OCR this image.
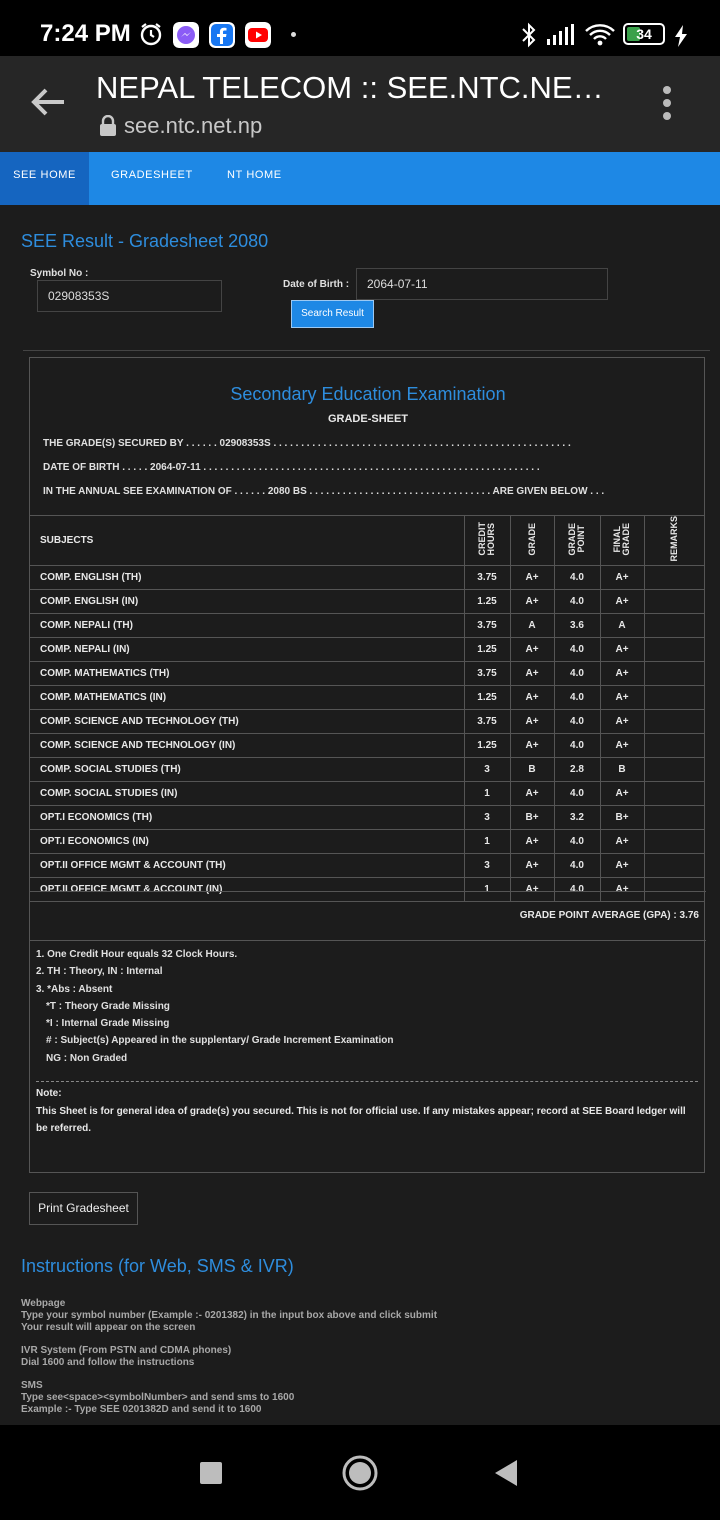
7:24 PM	34
NEPAL TELECOM :: SEE.NTC.NE…
see.ntc.net.np
SEE HOME	GRADESHEET	NT HOME
SEE Result - Gradesheet 2080
Symbol No :
02908353S
Date of Birth :	2064-07-11
Search Result
Secondary Education Examination
GRADE-SHEET
THE GRADE(S) SECURED BY . . . . . . 02908353S . . . . . . . . . . . . . . . . . . . . . . . . . . . . . . . . . . . . . . . . . . . . . . . . . . . . . .
DATE OF BIRTH . . . . . 2064-07-11 . . . . . . . . . . . . . . . . . . . . . . . . . . . . . . . . . . . . . . . . . . . . . . . . . . . . . . . . . . . . .
IN THE ANNUAL SEE EXAMINATION OF . . . . . . 2080 BS . . . . . . . . . . . . . . . . . . . . . . . . . . . . . . . . . ARE GIVEN BELOW . . .
SUBJECTS	CREDIT HOURS	GRADE	GRADE POINT	FINAL GRADE	REMARKS
COMP. ENGLISH (TH)	3.75	A+	4.0	A+	
COMP. ENGLISH (IN)	1.25	A+	4.0	A+	
COMP. NEPALI (TH)	3.75	A	3.6	A	
COMP. NEPALI (IN)	1.25	A+	4.0	A+	
COMP. MATHEMATICS (TH)	3.75	A+	4.0	A+	
COMP. MATHEMATICS (IN)	1.25	A+	4.0	A+	
COMP. SCIENCE AND TECHNOLOGY (TH)	3.75	A+	4.0	A+	
COMP. SCIENCE AND TECHNOLOGY (IN)	1.25	A+	4.0	A+	
COMP. SOCIAL STUDIES (TH)	3	B	2.8	B	
COMP. SOCIAL STUDIES (IN)	1	A+	4.0	A+	
OPT.I ECONOMICS (TH)	3	B+	3.2	B+	
OPT.I ECONOMICS (IN)	1	A+	4.0	A+	
OPT.II OFFICE MGMT & ACCOUNT (TH)	3	A+	4.0	A+	
OPT.II OFFICE MGMT & ACCOUNT (IN)	1	A+	4.0	A+	
GRADE POINT AVERAGE (GPA) : 3.76
1. One Credit Hour equals 32 Clock Hours.
2. TH : Theory, IN : Internal
3. *Abs : Absent
*T : Theory Grade Missing
*I : Internal Grade Missing
# : Subject(s) Appeared in the supplentary/ Grade Increment Examination
NG : Non Graded
Note:
This Sheet is for general idea of grade(s) you secured. This is not for official use. If any mistakes appear; record at SEE Board ledger will be referred.
Print Gradesheet
Instructions (for Web, SMS & IVR)
Webpage
Type your symbol number (Example :- 0201382) in the input box above and click submit
Your result will appear on the screen
IVR System (From PSTN and CDMA phones)
Dial 1600 and follow the instructions
SMS
Type see<space><symbolNumber> and send sms to 1600
Example :- Type SEE 0201382D and send it to 1600
